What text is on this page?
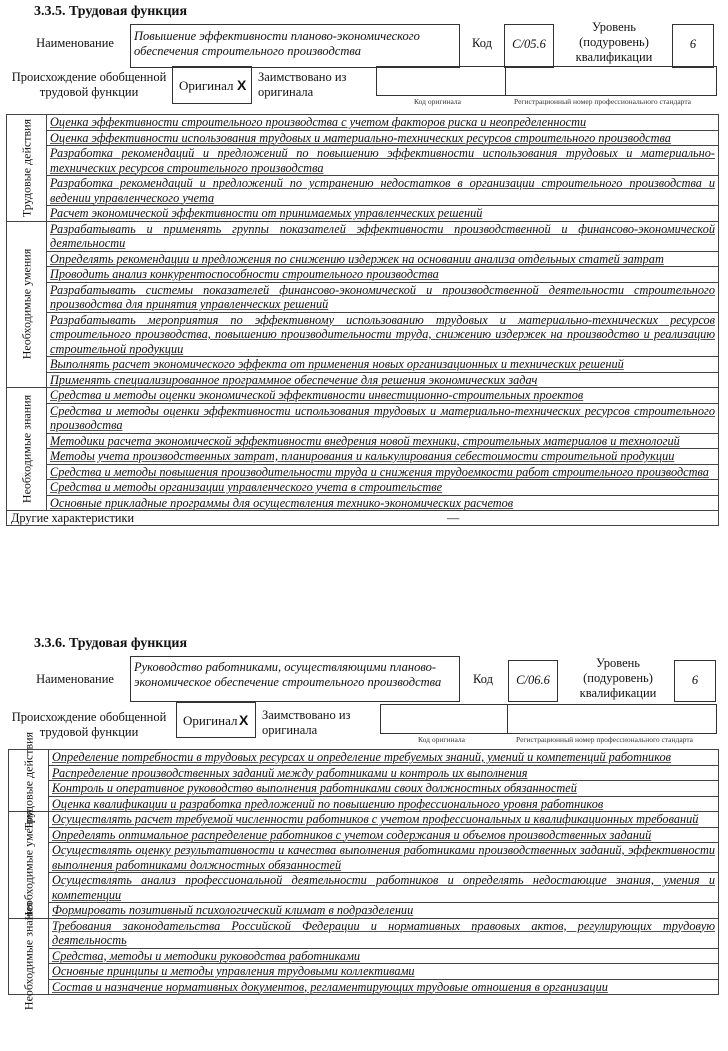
3.3.5. Трудовая функция
Наименование	Повышение эффективности планово-экономического обеспечения строительного производства
Код	С/05.6
Уровень (подуровень) квалификации
6
Происхождение обобщенной трудовой функции	Оригинал X Заимствовано из оригинала
Код оригинала	Регистрационный номер профессионального стандарта
Трудовые действия	Оценка эффективности строительного производства с учетом факторов риска и неопределенности
	Оценка эффективности использования трудовых и материально-технических ресурсов строительного производства
	Разработка рекомендаций и предложений по повышению эффективности использования трудовых и материально-технических ресурсов строительного производства
	Разработка рекомендаций и предложений по устранению недостатков в организации строительного производства и ведении управленческого учета
	Расчет экономической эффективности от принимаемых управленческих решений

Необходимые умения	Разрабатывать и применять группы показателей эффективности производственной и финансово-экономической деятельности
	Определять рекомендации и предложения по снижению издержек на основании анализа отдельных статей затрат
	Проводить анализ конкурентоспособности строительного производства
	Разрабатывать системы показателей финансово-экономической и производственной деятельности строительного производства для принятия управленческих решений
	Разрабатывать мероприятия по эффективному использованию трудовых и материально-технических ресурсов строительного производства, повышению производительности труда, снижению издержек на производство и реализацию строительной продукции
	Выполнять расчет экономического эффекта от применения новых организационных и технических решений
	Применять специализированное программное обеспечение для решения экономических задач

Необходимые знания	Средства и методы оценки экономической эффективности инвестиционно-строительных проектов
	Средства и методы оценки эффективности использования трудовых и материально-технических ресурсов строительного производства
	Методики расчета экономической эффективности внедрения новой техники, строительных материалов и технологий
	Методы учета производственных затрат, планирования и калькулирования себестоимости строительной продукции
	Средства и методы повышения производительности труда и снижения трудоемкости работ строительного производства
	Средства и методы организации управленческого учета в строительстве
	Основные прикладные программы для осуществления технико-экономических расчетов

Другие характеристики —	
3.3.6. Трудовая функция
Наименование
Руководство работниками, осуществляющими планово-экономическое обеспечение строительного производства	Код	С/06.6
Уровень (подуровень) квалификации
6
Происхождение обобщенной трудовой функции
Оригинал X Заимствовано из оригинала
Код оригинала	Регистрационный номер профессионального стандарта
Трудовые действия	Определение потребности в трудовых ресурсах и определение требуемых знаний, умений и компетенций работников
	Распределение производственных заданий между работниками и контроль их выполнения
	Контроль и оперативное руководство выполнения работниками своих должностных обязанностей
	Оценка квалификации и разработка предложений по повышению профессионального уровня работников

Необходимые умения	Осуществлять расчет требуемой численности работников с учетом профессиональных и квалификационных требований
	Определять оптимальное распределение работников с учетом содержания и объемов производственных заданий
	Осуществлять оценку результативности и качества выполнения работниками производственных заданий, эффективности выполнения работниками должностных обязанностей
	Осуществлять анализ профессиональной деятельности работников и определять недостающие знания, умения и компетенции
	Формировать позитивный психологический климат в подразделении

Необходимые знания	Требования законодательства Российской Федерации и нормативных правовых актов, регулирующих трудовую деятельность
	Средства, методы и методики руководства работниками
	Основные принципы и методы управления трудовыми коллективами
	Состав и назначение нормативных документов, регламентирующих трудовые отношения в организации
